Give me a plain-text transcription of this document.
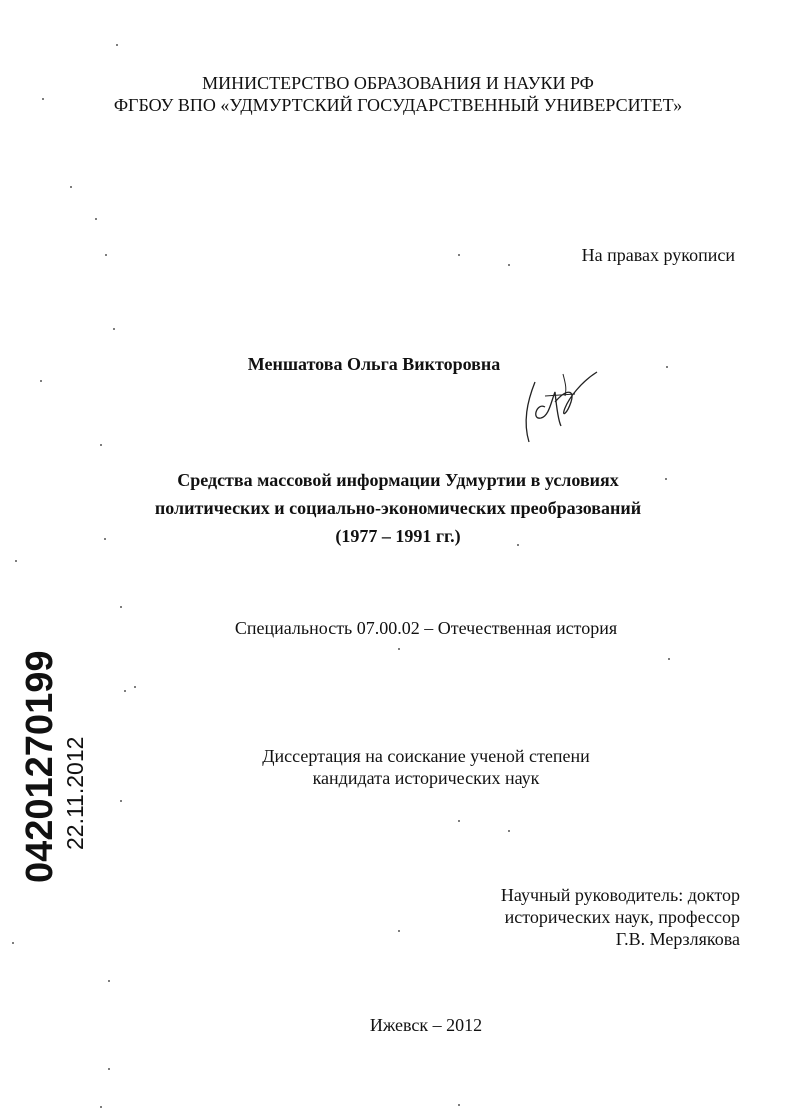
МИНИСТЕРСТВО ОБРАЗОВАНИЯ И НАУКИ РФ
ФГБОУ ВПО «УДМУРТСКИЙ ГОСУДАРСТВЕННЫЙ УНИВЕРСИТЕТ»
На правах рукописи
Меншатова Ольга Викторовна
Средства массовой информации Удмуртии в условиях
политических и социально-экономических преобразований
(1977 – 1991 гг.)
Специальность 07.00.02 – Отечественная история
Диссертация на соискание ученой степени
кандидата исторических наук
Научный руководитель: доктор
исторических наук, профессор
Г.В. Мерзлякова
Ижевск – 2012
04201270199 22.11.2012
